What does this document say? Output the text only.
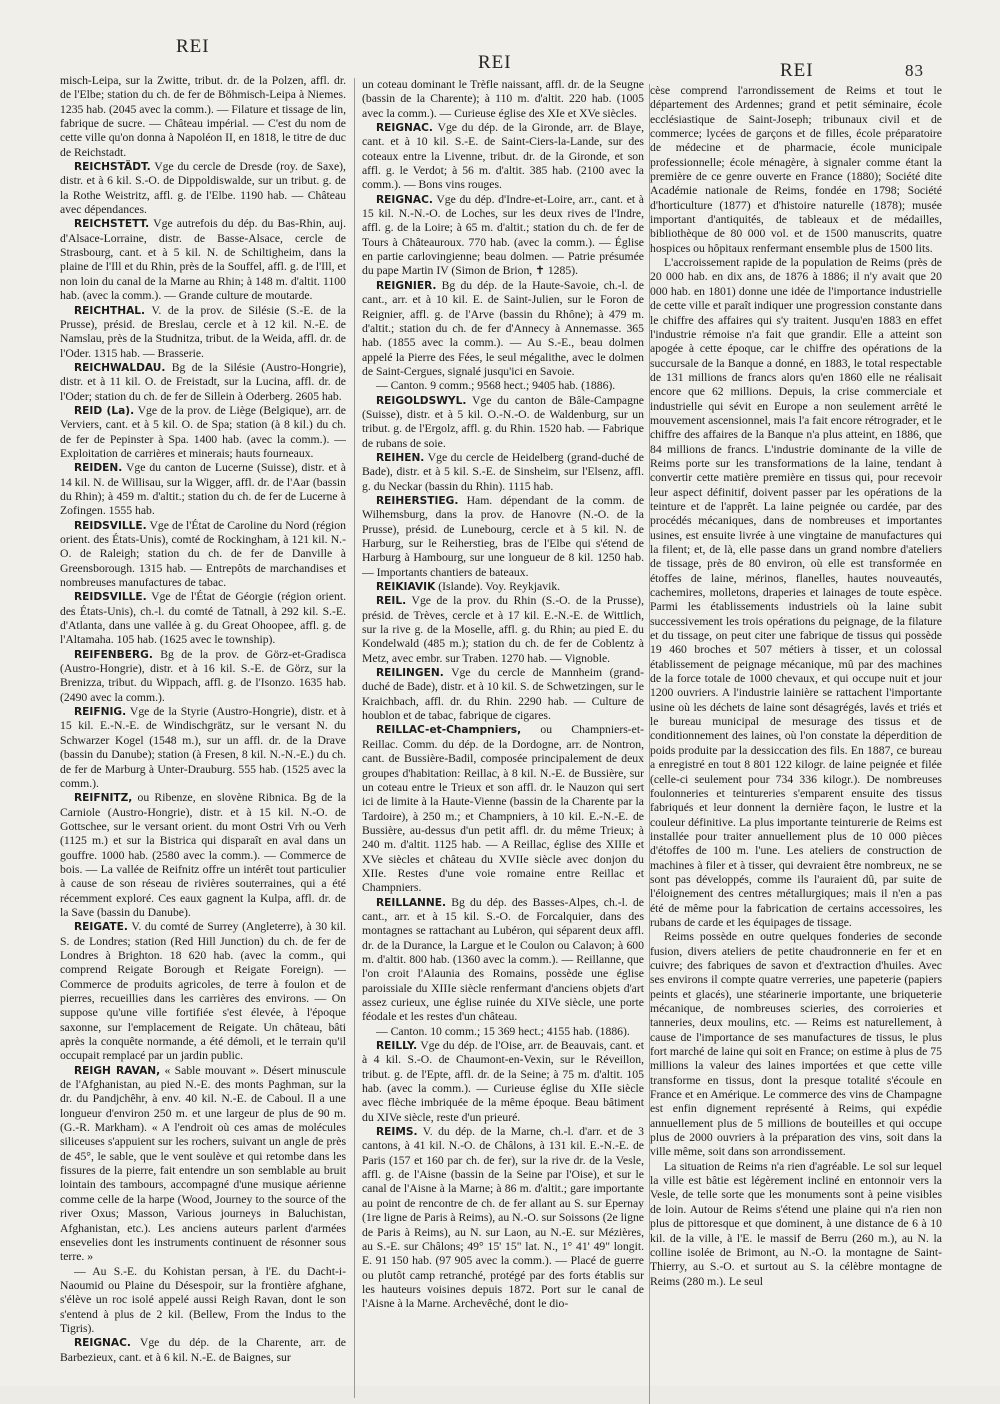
REI
REI	REI	83

misch-Leipa, sur la Zwitte, tribut. dr. de la Polzen, affl. dr. de l'Elbe; station du ch. de fer de Böhmisch-Leipa à Niemes. 1235 hab. (2045 avec la comm.). — Filature et tissage de lin, fabrique de sucre. — Château impérial. — C'est du nom de cette ville qu'on donna à Napoléon II, en 1818, le titre de duc de Reichstadt.

REICHSTÄDT. Vge du cercle de Dresde (roy. de Saxe), distr. et à 6 kil. S.-O. de Dippoldiswalde, sur un tribut. g. de la Rothe Weistritz, affl. g. de l'Elbe. 1190 hab. — Château avec dépendances.

REICHSTETT. Vge autrefois du dép. du Bas-Rhin, auj. d'Alsace-Lorraine, distr. de Basse-Alsace, cercle de Strasbourg, cant. et à 5 kil. N. de Schiltigheim, dans la plaine de l'Ill et du Rhin, près de la Souffel, affl. g. de l'Ill, et non loin du canal de la Marne au Rhin; à 148 m. d'altit. 1100 hab. (avec la comm.). — Grande culture de moutarde.

REICHTHAL. V. de la prov. de Silésie (S.-E. de la Prusse), présid. de Breslau, cercle et à 12 kil. N.-E. de Namslau, près de la Studnitza, tribut. de la Weida, affl. dr. de l'Oder. 1315 hab. — Brasserie.

REICHWALDAU. Bg de la Silésie (Austro-Hongrie), distr. et à 11 kil. O. de Freistadt, sur la Lucina, affl. dr. de l'Oder; station du ch. de fer de Sillein à Oderberg. 2605 hab.

REID (La). Vge de la prov. de Liège (Belgique), arr. de Verviers, cant. et à 5 kil. O. de Spa; station (à 8 kil.) du ch. de fer de Pepinster à Spa. 1400 hab. (avec la comm.). — Exploitation de carrières et minerais; hauts fourneaux.

REIDEN. Vge du canton de Lucerne (Suisse), distr. et à 14 kil. N. de Willisau, sur la Wigger, affl. dr. de l'Aar (bassin du Rhin); à 459 m. d'altit.; station du ch. de fer de Lucerne à Zofingen. 1555 hab.

REIDSVILLE. Vge de l'État de Caroline du Nord (région orient. des États-Unis), comté de Rockingham, à 121 kil. N.-O. de Raleigh; station du ch. de fer de Danville à Greensborough. 1315 hab. — Entrepôts de marchandises et nombreuses manufactures de tabac.

REIDSVILLE. Vge de l'État de Géorgie (région orient. des États-Unis), ch.-l. du comté de Tatnall, à 292 kil. S.-E. d'Atlanta, dans une vallée à g. du Great Ohoopee, affl. g. de l'Altamaha. 105 hab. (1625 avec le township).

REIFENBERG. Bg de la prov. de Görz-et-Gradisca (Austro-Hongrie), distr. et à 16 kil. S.-E. de Görz, sur la Brenizza, tribut. du Wippach, affl. g. de l'Isonzo. 1635 hab. (2490 avec la comm.).

REIFNIG. Vge de la Styrie (Austro-Hongrie), distr. et à 15 kil. E.-N.-E. de Windischgrätz, sur le versant N. du Schwarzer Kogel (1548 m.), sur un affl. dr. de la Drave (bassin du Danube); station (à Fresen, 8 kil. N.-N.-E.) du ch. de fer de Marburg à Unter-Drauburg. 555 hab. (1525 avec la comm.).

REIFNITZ, ou Ribenze, en slovène Ribnica. Bg de la Carniole (Austro-Hongrie), distr. et à 15 kil. N.-O. de Gottschee, sur le versant orient. du mont Ostri Vrh ou Verh (1125 m.) et sur la Bistrica qui disparaît en aval dans un gouffre. 1000 hab. (2580 avec la comm.). — Commerce de bois. — La vallée de Reifnitz offre un intérêt tout particulier à cause de son réseau de rivières souterraines, qui a été récemment exploré. Ces eaux gagnent la Kulpa, affl. dr. de la Save (bassin du Danube).

REIGATE. V. du comté de Surrey (Angleterre), à 30 kil. S. de Londres; station (Red Hill Junction) du ch. de fer de Londres à Brighton. 18 620 hab. (avec la comm., qui comprend Reigate Borough et Reigate Foreign). — Commerce de produits agricoles, de terre à foulon et de pierres, recueillies dans les carrières des environs. — On suppose qu'une ville fortifiée s'est élevée, à l'époque saxonne, sur l'emplacement de Reigate. Un château, bâti après la conquête normande, a été démoli, et le terrain qu'il occupait remplacé par un jardin public.

REIGH RAVAN, « Sable mouvant ». Désert minuscule de l'Afghanistan, au pied N.-E. des monts Paghman, sur la dr. du Pandjchêhr, à env. 40 kil. N.-E. de Caboul. Il a une longueur d'environ 250 m. et une largeur de plus de 90 m. (G.-R. Markham). « A l'endroit où ces amas de molécules siliceuses s'appuient sur les rochers, suivant un angle de près de 45°, le sable, que le vent soulève et qui retombe dans les fissures de la pierre, fait entendre un son semblable au bruit lointain des tambours, accompagné d'une musique aérienne comme celle de la harpe (Wood, Journey to the source of the river Oxus; Masson, Various journeys in Baluchistan, Afghanistan, etc.). Les anciens auteurs parlent d'armées ensevelies dont les instruments continuent de résonner sous terre. »

— Au S.-E. du Kohistan persan, à l'E. du Dacht-i-Naoumid ou Plaine du Désespoir, sur la frontière afghane, s'élève un roc isolé appelé aussi Reigh Ravan, dont le son s'entend à plus de 2 kil. (Bellew, From the Indus to the Tigris).

REIGNAC. Vge du dép. de la Charente, arr. de Barbezieux, cant. et à 6 kil. N.-E. de Baignes, sur

un coteau dominant le Trèfle naissant, affl. dr. de la Seugne (bassin de la Charente); à 110 m. d'altit. 220 hab. (1005 avec la comm.). — Curieuse église des XIe et XVe siècles.

REIGNAC. Vge du dép. de la Gironde, arr. de Blaye, cant. et à 10 kil. S.-E. de Saint-Ciers-la-Lande, sur des coteaux entre la Livenne, tribut. dr. de la Gironde, et son affl. g. le Verdot; à 56 m. d'altit. 385 hab. (2100 avec la comm.). — Bons vins rouges.

REIGNAC. Vge du dép. d'Indre-et-Loire, arr., cant. et à 15 kil. N.-N.-O. de Loches, sur les deux rives de l'Indre, affl. g. de la Loire; à 65 m. d'altit.; station du ch. de fer de Tours à Châteauroux. 770 hab. (avec la comm.). — Église en partie carlovingienne; beau dolmen. — Patrie présumée du pape Martin IV (Simon de Brion, ✝ 1285).

REIGNIER. Bg du dép. de la Haute-Savoie, ch.-l. de cant., arr. et à 10 kil. E. de Saint-Julien, sur le Foron de Reignier, affl. g. de l'Arve (bassin du Rhône); à 479 m. d'altit.; station du ch. de fer d'Annecy à Annemasse. 365 hab. (1855 avec la comm.). — Au S.-E., beau dolmen appelé la Pierre des Fées, le seul mégalithe, avec le dolmen de Saint-Cergues, signalé jusqu'ici en Savoie.

— Canton. 9 comm.; 9568 hect.; 9405 hab. (1886).

REIGOLDSWYL. Vge du canton de Bâle-Campagne (Suisse), distr. et à 5 kil. O.-N.-O. de Waldenburg, sur un tribut. g. de l'Ergolz, affl. g. du Rhin. 1520 hab. — Fabrique de rubans de soie.

REIHEN. Vge du cercle de Heidelberg (grand-duché de Bade), distr. et à 5 kil. S.-E. de Sinsheim, sur l'Elsenz, affl. g. du Neckar (bassin du Rhin). 1115 hab.

REIHERSTIEG. Ham. dépendant de la comm. de Wilhemsburg, dans la prov. de Hanovre (N.-O. de la Prusse), présid. de Lunebourg, cercle et à 5 kil. N. de Harburg, sur le Reiherstieg, bras de l'Elbe qui s'étend de Harburg à Hambourg, sur une longueur de 8 kil. 1250 hab. — Importants chantiers de bateaux.

REIKIAVIK (Islande). Voy. Reykjavik.

REIL. Vge de la prov. du Rhin (S.-O. de la Prusse), présid. de Trèves, cercle et à 17 kil. E.-N.-E. de Wittlich, sur la rive g. de la Moselle, affl. g. du Rhin; au pied E. du Kondelwald (485 m.); station du ch. de fer de Coblentz à Metz, avec embr. sur Traben. 1270 hab. — Vignoble.

REILINGEN. Vge du cercle de Mannheim (grand-duché de Bade), distr. et à 10 kil. S. de Schwetzingen, sur le Kraichbach, affl. dr. du Rhin. 2290 hab. — Culture de houblon et de tabac, fabrique de cigares.

REILLAC-et-Champniers, ou Champniers-et-Reillac. Comm. du dép. de la Dordogne, arr. de Nontron, cant. de Bussière-Badil, composée principalement de deux groupes d'habitation: Reillac, à 8 kil. N.-E. de Bussière, sur un coteau entre le Trieux et son affl. dr. le Nauzon qui sert ici de limite à la Haute-Vienne (bassin de la Charente par la Tardoire), à 250 m.; et Champniers, à 10 kil. E.-N.-E. de Bussière, au-dessus d'un petit affl. dr. du même Trieux; à 240 m. d'altit. 1125 hab. — A Reillac, église des XIIIe et XVe siècles et château du XVIIe siècle avec donjon du XIIe. Restes d'une voie romaine entre Reillac et Champniers.

REILLANNE. Bg du dép. des Basses-Alpes, ch.-l. de cant., arr. et à 15 kil. S.-O. de Forcalquier, dans des montagnes se rattachant au Lubéron, qui séparent deux affl. dr. de la Durance, la Largue et le Coulon ou Calavon; à 600 m. d'altit. 800 hab. (1360 avec la comm.). — Reillanne, que l'on croit l'Alaunia des Romains, possède une église paroissiale du XIIIe siècle renfermant d'anciens objets d'art assez curieux, une église ruinée du XIVe siècle, une porte féodale et les restes d'un château.

— Canton. 10 comm.; 15 369 hect.; 4155 hab. (1886).

REILLY. Vge du dép. de l'Oise, arr. de Beauvais, cant. et à 4 kil. S.-O. de Chaumont-en-Vexin, sur le Réveillon, tribut. g. de l'Epte, affl. dr. de la Seine; à 75 m. d'altit. 105 hab. (avec la comm.). — Curieuse église du XIIe siècle avec flèche imbriquée de la même époque. Beau bâtiment du XIVe siècle, reste d'un prieuré.

REIMS. V. du dép. de la Marne, ch.-l. d'arr. et de 3 cantons, à 41 kil. N.-O. de Châlons, à 131 kil. E.-N.-E. de Paris (157 et 160 par ch. de fer), sur la rive dr. de la Vesle, affl. g. de l'Aisne (bassin de la Seine par l'Oise), et sur le canal de l'Aisne à la Marne; à 86 m. d'altit.; gare importante au point de rencontre de ch. de fer allant au S. sur Epernay (1re ligne de Paris à Reims), au N.-O. sur Soissons (2e ligne de Paris à Reims), au N. sur Laon, au N.-E. sur Mézières, au S.-E. sur Châlons; 49° 15' 15" lat. N., 1° 41' 49" longit. E. 91 150 hab. (97 905 avec la comm.). — Placé de guerre ou plutôt camp retranché, protégé par des forts établis sur les hauteurs voisines depuis 1872. Port sur le canal de l'Aisne à la Marne. Archevêché, dont le dio-

cèse comprend l'arrondissement de Reims et tout le département des Ardennes; grand et petit séminaire, école ecclésiastique de Saint-Joseph; tribunaux civil et de commerce; lycées de garçons et de filles, école préparatoire de médecine et de pharmacie, école municipale professionnelle; école ménagère, à signaler comme étant la première de ce genre ouverte en France (1880); Société dite Académie nationale de Reims, fondée en 1798; Société d'horticulture (1877) et d'histoire naturelle (1878); musée important d'antiquités, de tableaux et de médailles, bibliothèque de 80 000 vol. et de 1500 manuscrits, quatre hospices ou hôpitaux renfermant ensemble plus de 1500 lits.

L'accroissement rapide de la population de Reims (près de 20 000 hab. en dix ans, de 1876 à 1886; il n'y avait que 20 000 hab. en 1801) donne une idée de l'importance industrielle de cette ville et paraît indiquer une progression constante dans le chiffre des affaires qui s'y traitent. Jusqu'en 1883 en effet l'industrie rémoise n'a fait que grandir. Elle a atteint son apogée à cette époque, car le chiffre des opérations de la succursale de la Banque a donné, en 1883, le total respectable de 131 millions de francs alors qu'en 1860 elle ne réalisait encore que 62 millions. Depuis, la crise commerciale et industrielle qui sévit en Europe a non seulement arrêté le mouvement ascensionnel, mais l'a fait encore rétrograder, et le chiffre des affaires de la Banque n'a plus atteint, en 1886, que 84 millions de francs. L'industrie dominante de la ville de Reims porte sur les transformations de la laine, tendant à convertir cette matière première en tissus qui, pour recevoir leur aspect définitif, doivent passer par les opérations de la teinture et de l'apprêt. La laine peignée ou cardée, par des procédés mécaniques, dans de nombreuses et importantes usines, est ensuite livrée à une vingtaine de manufactures qui la filent; et, de là, elle passe dans un grand nombre d'ateliers de tissage, près de 80 environ, où elle est transformée en étoffes de laine, mérinos, flanelles, hautes nouveautés, cachemires, molletons, draperies et lainages de toute espèce. Parmi les établissements industriels où la laine subit successivement les trois opérations du peignage, de la filature et du tissage, on peut citer une fabrique de tissus qui possède 19 460 broches et 507 métiers à tisser, et un colossal établissement de peignage mécanique, mû par des machines de la force totale de 1000 chevaux, et qui occupe nuit et jour 1200 ouvriers. A l'industrie lainière se rattachent l'importante usine où les déchets de laine sont désagrégés, lavés et triés et le bureau municipal de mesurage des tissus et de conditionnement des laines, où l'on constate la déperdition de poids produite par la dessiccation des fils. En 1887, ce bureau a enregistré en tout 8 801 122 kilogr. de laine peignée et filée (celle-ci seulement pour 734 336 kilogr.). De nombreuses foulonneries et teintureries s'emparent ensuite des tissus fabriqués et leur donnent la dernière façon, le lustre et la couleur définitive. La plus importante teinturerie de Reims est installée pour traiter annuellement plus de 10 000 pièces d'étoffes de 100 m. l'une. Les ateliers de construction de machines à filer et à tisser, qui devraient être nombreux, ne se sont pas développés, comme ils l'auraient dû, par suite de l'éloignement des centres métallurgiques; mais il n'en a pas été de même pour la fabrication de certains accessoires, les rubans de carde et les équipages de tissage.

Reims possède en outre quelques fonderies de seconde fusion, divers ateliers de petite chaudronnerie en fer et en cuivre; des fabriques de savon et d'extraction d'huiles. Avec ses environs il compte quatre verreries, une papeterie (papiers peints et glacés), une stéarinerie importante, une briqueterie mécanique, de nombreuses scieries, des corroieries et tanneries, deux moulins, etc. — Reims est naturellement, à cause de l'importance de ses manufactures de tissus, le plus fort marché de laine qui soit en France; on estime à plus de 75 millions la valeur des laines importées et que cette ville transforme en tissus, dont la presque totalité s'écoule en France et en Amérique. Le commerce des vins de Champagne est enfin dignement représenté à Reims, qui expédie annuellement plus de 5 millions de bouteilles et qui occupe plus de 2000 ouvriers à la préparation des vins, soit dans la ville même, soit dans son arrondissement.

La situation de Reims n'a rien d'agréable. Le sol sur lequel la ville est bâtie est légèrement incliné en entonnoir vers la Vesle, de telle sorte que les monuments sont à peine visibles de loin. Autour de Reims s'étend une plaine qui n'a rien non plus de pittoresque et que dominent, à une distance de 6 à 10 kil. de la ville, à l'E. le massif de Berru (260 m.), au N. la colline isolée de Brimont, au N.-O. la montagne de Saint-Thierry, au S.-O. et surtout au S. la célèbre montagne de Reims (280 m.). Le seul
